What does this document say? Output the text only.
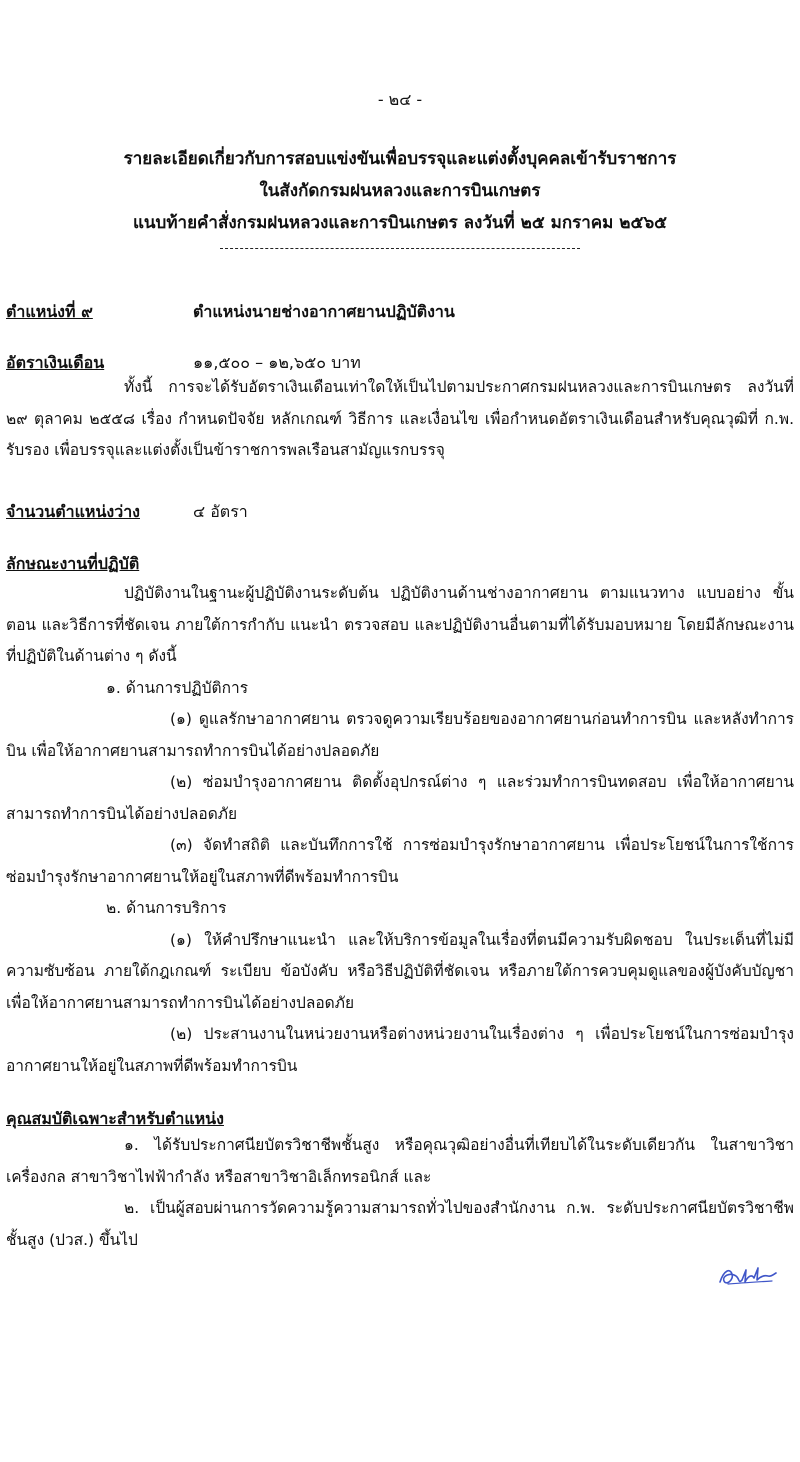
- ๒๔ -
รายละเอียดเกี่ยวกับการสอบแข่งขันเพื่อบรรจุและแต่งตั้งบุคคลเข้ารับราชการ
ในสังกัดกรมฝนหลวงและการบินเกษตร
แนบท้ายคำสั่งกรมฝนหลวงและการบินเกษตร ลงวันที่ ๒๕ มกราคม ๒๕๖๕
ตำแหน่งที่ ๙	ตำแหน่งนายช่างอากาศยานปฏิบัติงาน
อัตราเงินเดือน	๑๑,๕๐๐ – ๑๒,๖๕๐ บาท

ทั้งนี้ การจะได้รับอัตราเงินเดือนเท่าใดให้เป็นไปตามประกาศกรมฝนหลวงและการบินเกษตร ลงวันที่ ๒๙ ตุลาคม ๒๕๕๘ เรื่อง กำหนดปัจจัย หลักเกณฑ์ วิธีการ และเงื่อนไข เพื่อกำหนดอัตราเงินเดือนสำหรับคุณวุฒิที่ ก.พ. รับรอง เพื่อบรรจุและแต่งตั้งเป็นข้าราชการพลเรือนสามัญแรกบรรจุ

จำนวนตำแหน่งว่าง	๔ อัตรา
ลักษณะงานที่ปฏิบัติ

ปฏิบัติงานในฐานะผู้ปฏิบัติงานระดับต้น ปฏิบัติงานด้านช่างอากาศยาน ตามแนวทาง แบบอย่าง ขั้นตอน และวิธีการที่ชัดเจน ภายใต้การกำกับ แนะนำ ตรวจสอบ และปฏิบัติงานอื่นตามที่ได้รับมอบหมาย โดยมีลักษณะงานที่ปฏิบัติในด้านต่าง ๆ ดังนี้

๑. ด้านการปฏิบัติการ

(๑) ดูแลรักษาอากาศยาน ตรวจดูความเรียบร้อยของอากาศยานก่อนทำการบิน และหลังทำการบิน เพื่อให้อากาศยานสามารถทำการบินได้อย่างปลอดภัย

(๒) ซ่อมบำรุงอากาศยาน ติดตั้งอุปกรณ์ต่าง ๆ และร่วมทำการบินทดสอบ เพื่อให้อากาศยานสามารถทำการบินได้อย่างปลอดภัย

(๓) จัดทำสถิติ และบันทึกการใช้ การซ่อมบำรุงรักษาอากาศยาน เพื่อประโยชน์ในการใช้การซ่อมบำรุงรักษาอากาศยานให้อยู่ในสภาพที่ดีพร้อมทำการบิน

๒. ด้านการบริการ

(๑) ให้คำปรึกษาแนะนำ และให้บริการข้อมูลในเรื่องที่ตนมีความรับผิดชอบ ในประเด็นที่ไม่มีความซับซ้อน ภายใต้กฎเกณฑ์ ระเบียบ ข้อบังคับ หรือวิธีปฏิบัติที่ชัดเจน หรือภายใต้การควบคุมดูแลของผู้บังคับบัญชา เพื่อให้อากาศยานสามารถทำการบินได้อย่างปลอดภัย

(๒) ประสานงานในหน่วยงานหรือต่างหน่วยงานในเรื่องต่าง ๆ เพื่อประโยชน์ในการซ่อมบำรุงอากาศยานให้อยู่ในสภาพที่ดีพร้อมทำการบิน

คุณสมบัติเฉพาะสำหรับตำแหน่ง

๑. ได้รับประกาศนียบัตรวิชาชีพชั้นสูง หรือคุณวุฒิอย่างอื่นที่เทียบได้ในระดับเดียวกัน ในสาขาวิชาเครื่องกล สาขาวิชาไฟฟ้ากำลัง หรือสาขาวิชาอิเล็กทรอนิกส์ และ

๒. เป็นผู้สอบผ่านการวัดความรู้ความสามารถทั่วไปของสำนักงาน ก.พ. ระดับประกาศนียบัตรวิชาชีพชั้นสูง (ปวส.) ขึ้นไป
